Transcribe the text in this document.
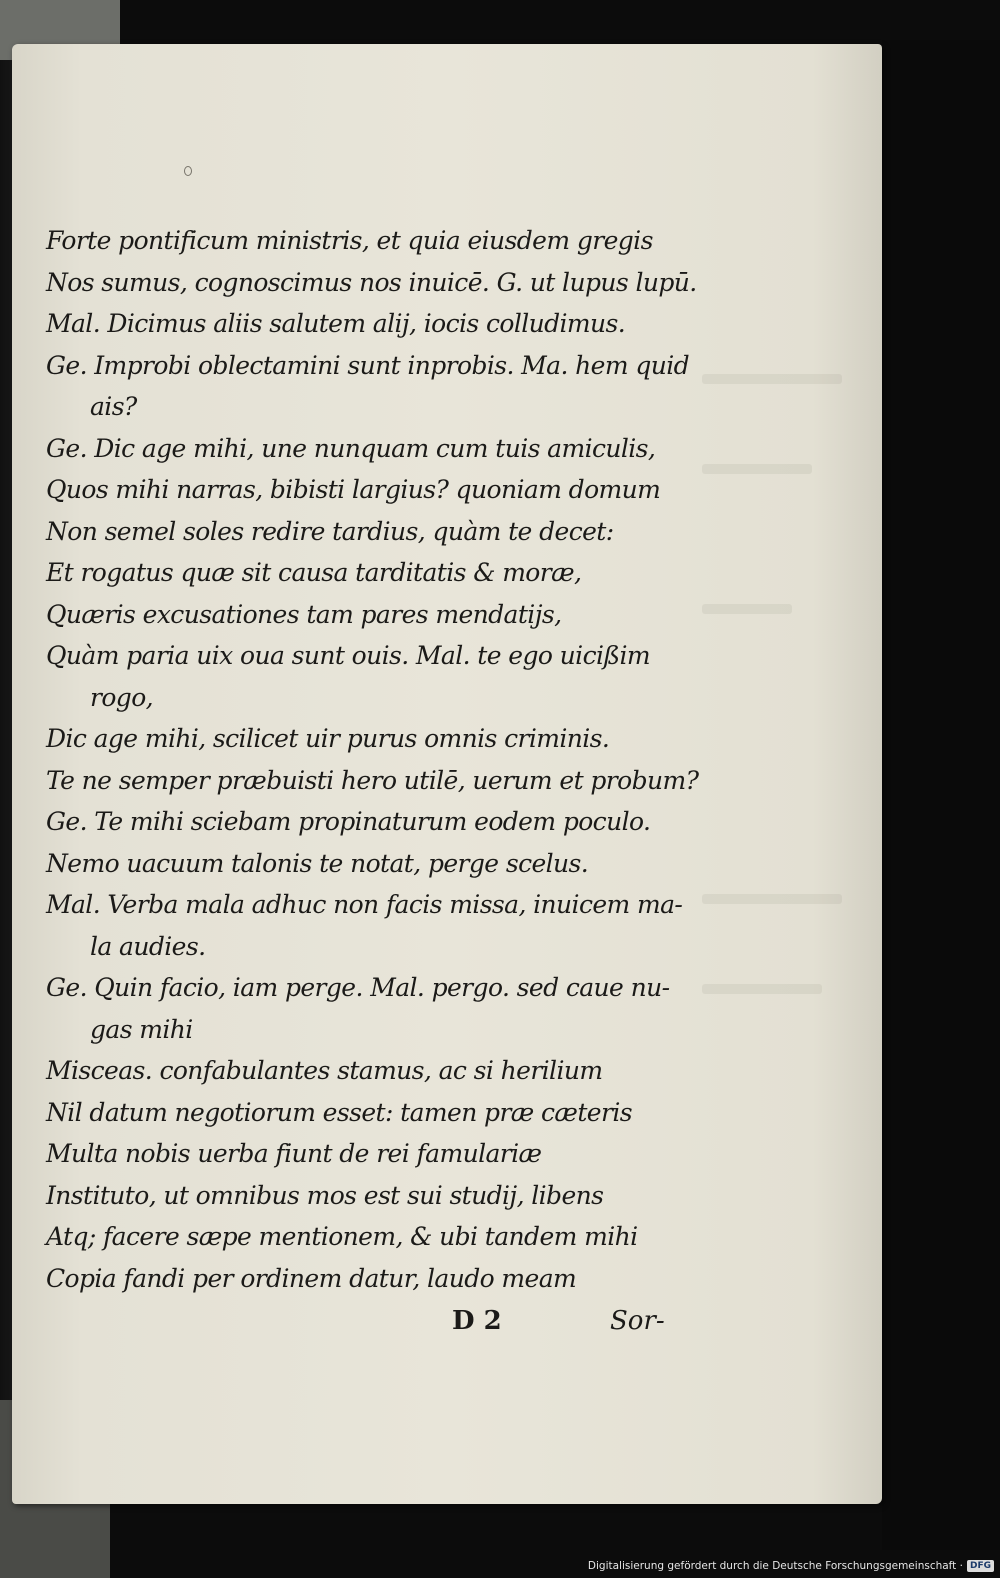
Forte pontificum ministris, et quia eiusdem gregis
Nos sumus, cognoscimus nos inuicē. G. ut lupus lupū.
Mal. Dicimus aliis salutem alij, iocis colludimus.
Ge. Improbi oblectamini sunt inprobis. Ma. hem quid
ais?
Ge. Dic age mihi, une nunquam cum tuis amiculis,
Quos mihi narras, bibisti largius? quoniam domum
Non semel soles redire tardius, quàm te decet:
Et rogatus quæ sit causa tarditatis & moræ,
Quæris excusationes tam pares mendatijs,
Quàm paria uix oua sunt ouis. Mal. te ego uicißim
rogo,
Dic age mihi, scilicet uir purus omnis criminis.
Te ne semper præbuisti hero utilē, uerum et probum?
Ge. Te mihi sciebam propinaturum eodem poculo.
Nemo uacuum talonis te notat, perge scelus.
Mal. Verba mala adhuc non facis missa, inuicem ma-
la audies.
Ge. Quin facio, iam perge. Mal. pergo. sed caue nu-
gas mihi
Misceas. confabulantes stamus, ac si herilium
Nil datum negotiorum esset: tamen præ cæteris
Multa nobis uerba fiunt de rei famulariæ
Instituto, ut omnibus mos est sui studij, libens
Atq; facere sæpe mentionem, & ubi tandem mihi
Copia fandi per ordinem datur, laudo meam
D 2	Sor-
Digitalisierung gefördert durch die Deutsche Forschungsgemeinschaft · DFG
